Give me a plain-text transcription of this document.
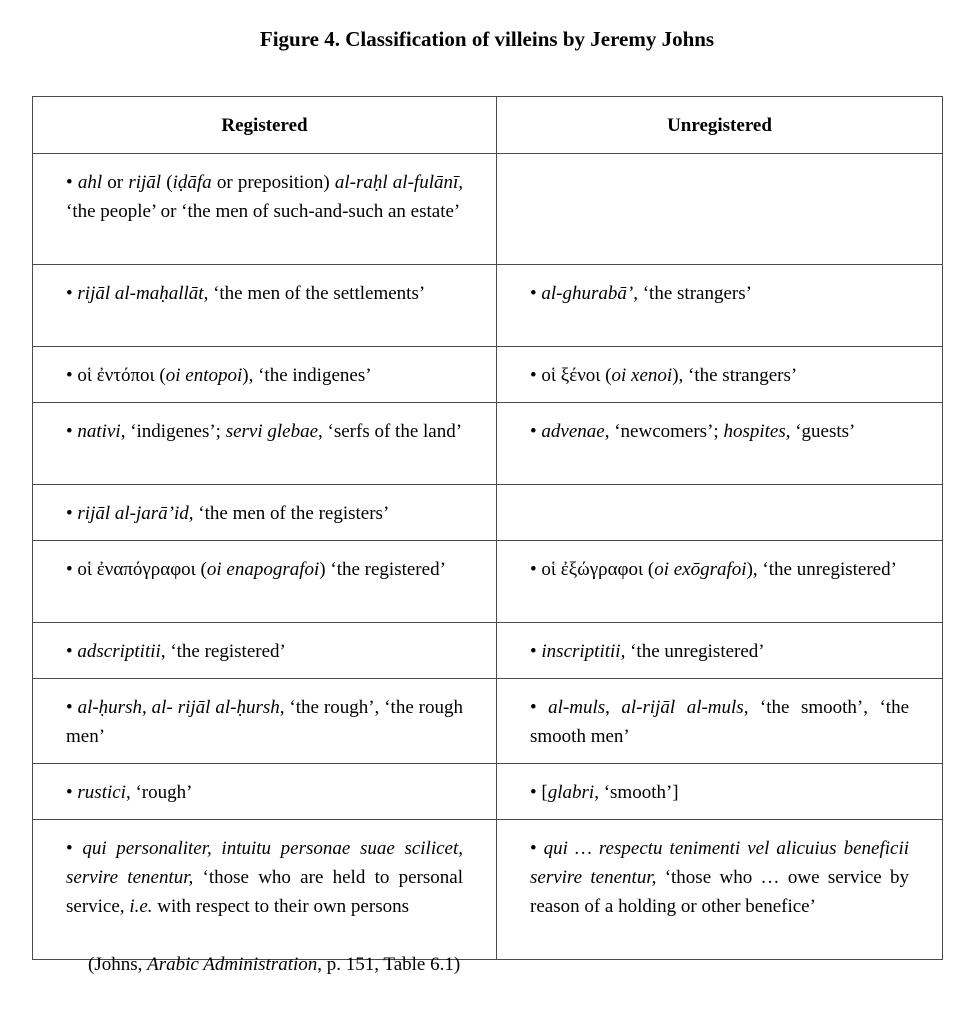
Figure 4. Classification of villeins by Jeremy Johns
Registered	Unregistered

• ahl or rijāl (iḍāfa or preposition) al-raḥl al-fulānī, ‘the people’ or ‘the men of such-and-such an estate’	

• rijāl al-maḥallāt, ‘the men of the settlements’	• al-ghurabā’, ‘the strangers’

• οἱ ἐντόποι (oi entopoi), ‘the indigenes’	• οἱ ξένοι (oi xenoi), ‘the strangers’

• nativi, ‘indigenes’; servi glebae, ‘serfs of the land’	• advenae, ‘newcomers’; hospites, ‘guests’

• rijāl al-jarā’id, ‘the men of the registers’	

• οἱ ἐναπόγραφοι (oi enapografoi) ‘the registered’	• οἱ ἐξώγραφοι (oi exōgrafoi), ‘the unregistered’

• adscriptitii, ‘the registered’	• inscriptitii, ‘the unregistered’

• al-ḥursh, al- rijāl al-ḥursh, ‘the rough’, ‘the rough men’	• al-muls, al-rijāl al-muls, ‘the smooth’, ‘the smooth men’

• rustici, ‘rough’	• [glabri, ‘smooth’]

• qui personaliter, intuitu personae suae scilicet, servire tenentur, ‘those who are held to personal service, i.e. with respect to their own persons	• qui … respectu tenimenti vel alicuius beneficii servire tenentur, ‘those who … owe service by reason of a holding or other benefice’
(Johns, Arabic Administration, p. 151, Table 6.1)
